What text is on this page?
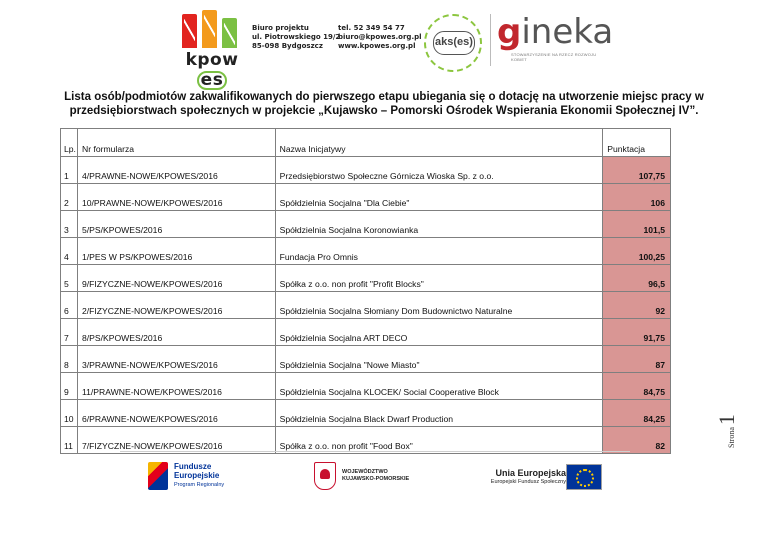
kpowes
Biuro projektu
ul. Piotrowskiego 19/2
85-098 Bydgoszcz
tel. 52 349 54 77
biuro@kpowes.org.pl
www.kpowes.org.pl	aks(es) gineka
STOWARZYSZENIE NA RZECZ ROZWOJU KOBIET
Lista osób/podmiotów zakwalifikowanych do pierwszego etapu ubiegania się o dotację na utworzenie miejsc pracy w
przedsiębiorstwach społecznych w projekcie „Kujawsko – Pomorski Ośrodek Wspierania Ekonomii Społecznej IV”.
Lp.	Nr formularza	Nazwa Inicjatywy	Punktacja
1	4/PRAWNE-NOWE/KPOWES/2016	Przedsiębiorstwo Społeczne Górnicza Wioska Sp. z o.o.	107,75
2	10/PRAWNE-NOWE/KPOWES/2016	Spółdzielnia Socjalna "Dla Ciebie"	106
3	5/PS/KPOWES/2016	Spółdzielnia Socjalna Koronowianka	101,5
4	1/PES W PS/KPOWES/2016	Fundacja Pro Omnis	100,25
5	9/FIZYCZNE-NOWE/KPOWES/2016	Spółka z o.o. non profit "Profit Blocks"	96,5
6	2/FIZYCZNE-NOWE/KPOWES/2016	Spółdzielnia Socjalna Słomiany Dom Budownictwo Naturalne	92
7	8/PS/KPOWES/2016	Spółdzielnia Socjalna ART DECO	91,75
8	3/PRAWNE-NOWE/KPOWES/2016	Spółdzielnia Socjalna "Nowe Miasto"	87
9	11/PRAWNE-NOWE/KPOWES/2016	Spółdzielnia Socjalna KLOCEK/ Social Cooperative Block	84,75
10	6/PRAWNE-NOWE/KPOWES/2016	Spółdzielnia Socjalna Black Dwarf Production	84,25
11	7/FIZYCZNE-NOWE/KPOWES/2016	Spółka z o.o. non profit "Food Box"	82	Strona1
Fundusze
Europejskie
Program Regionalny
WOJEWÓDZTWO
KUJAWSKO-POMORSKIE
Unia Europejska
Europejski Fundusz Społeczny
